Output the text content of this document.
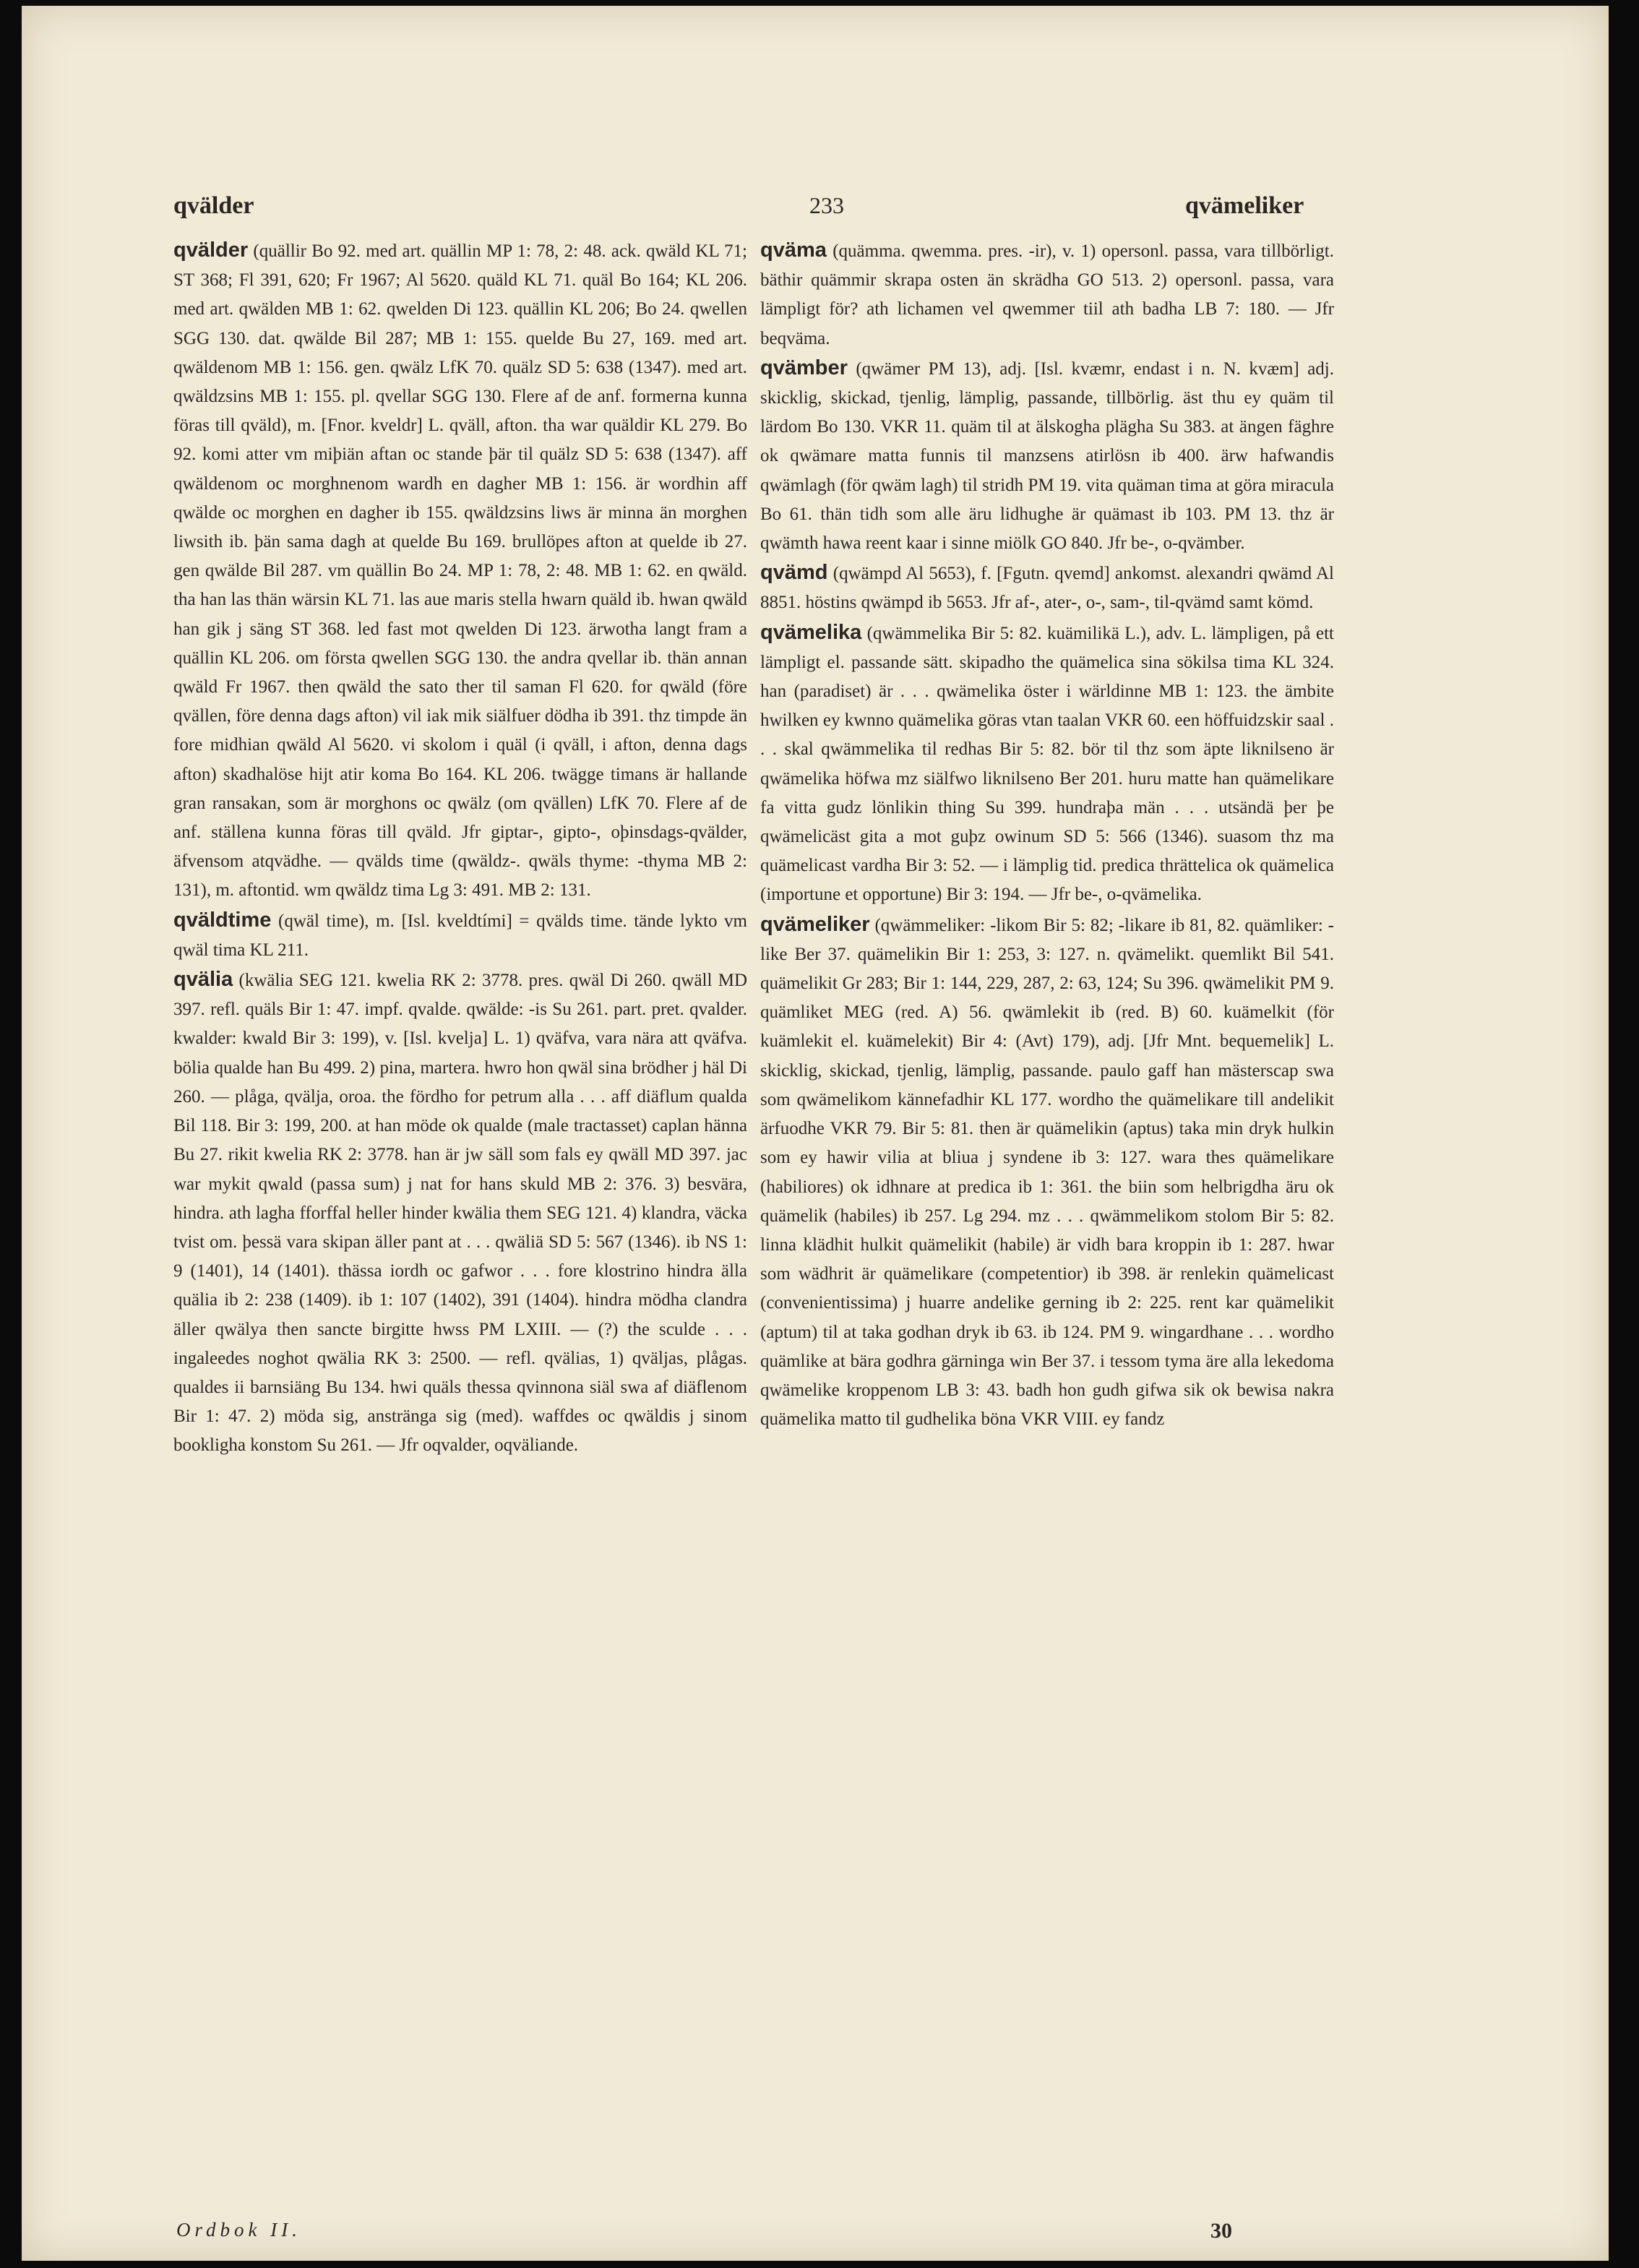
qvälder	233	qvämeliker

qvälder (quällir Bo 92. med art. quällin MP 1: 78, 2: 48. ack. qwäld KL 71; ST 368; Fl 391, 620; Fr 1967; Al 5620. quäld KL 71. quäl Bo 164; KL 206. med art. qwälden MB 1: 62. qwelden Di 123. quällin KL 206; Bo 24. qwellen SGG 130. dat. qwälde Bil 287; MB 1: 155. quelde Bu 27, 169. med art. qwäldenom MB 1: 156. gen. qwälz LfK 70. quälz SD 5: 638 (1347). med art. qwäldzsins MB 1: 155. pl. qvellar SGG 130. Flere af de anf. formerna kunna föras till qväld), m. [Fnor. kveldr] L. qväll, afton. tha war quäldir KL 279. Bo 92. komi atter vm miþiän aftan oc stande þär til quälz SD 5: 638 (1347). aff qwäldenom oc morghnenom wardh en dagher MB 1: 156. är wordhin aff qwälde oc morghen en dagher ib 155. qwäldzsins liws är minna än morghen liwsith ib. þän sama dagh at quelde Bu 169. brullöpes afton at quelde ib 27. gen qwälde Bil 287. vm quällin Bo 24. MP 1: 78, 2: 48. MB 1: 62. en qwäld. tha han las thän wärsin KL 71. las aue maris stella hwarn quäld ib. hwan qwäld han gik j säng ST 368. led fast mot qwelden Di 123. ärwotha langt fram a quällin KL 206. om första qwellen SGG 130. the andra qvellar ib. thän annan qwäld Fr 1967. then qwäld the sato ther til saman Fl 620. for qwäld (före qvällen, före denna dags afton) vil iak mik siälfuer dödha ib 391. thz timpde än fore midhian qwäld Al 5620. vi skolom i quäl (i qväll, i afton, denna dags afton) skadhalöse hijt atir koma Bo 164. KL 206. twägge timans är hallande gran ransakan, som är morghons oc qwälz (om qvällen) LfK 70. Flere af de anf. ställena kunna föras till qväld. Jfr giptar-, gipto-, oþinsdags-qvälder, äfvensom atqvädhe. — qvälds time (qwäldz-. qwäls thyme: -thyma MB 2: 131), m. aftontid. wm qwäldz tima Lg 3: 491. MB 2: 131.

qväldtime (qwäl time), m. [Isl. kveldtími] = qvälds time. tände lykto vm qwäl tima KL 211.

qvälia (kwälia SEG 121. kwelia RK 2: 3778. pres. qwäl Di 260. qwäll MD 397. refl. quäls Bir 1: 47. impf. qvalde. qwälde: -is Su 261. part. pret. qvalder. kwalder: kwald Bir 3: 199), v. [Isl. kvelja] L. 1) qväfva, vara nära att qväfva. bölia qualde han Bu 499. 2) pina, martera. hwro hon qwäl sina brödher j häl Di 260. — plåga, qvälja, oroa. the fördho for petrum alla . . . aff diäflum qualda Bil 118. Bir 3: 199, 200. at han möde ok qualde (male tractasset) caplan hänna Bu 27. rikit kwelia RK 2: 3778. han är jw säll som fals ey qwäll MD 397. jac war mykit qwald (passa sum) j nat for hans skuld MB 2: 376. 3) besvära, hindra. ath lagha fforffal heller hinder kwälia them SEG 121. 4) klandra, väcka tvist om. þessä vara skipan äller pant at . . . qwäliä SD 5: 567 (1346). ib NS 1: 9 (1401), 14 (1401). thässa iordh oc gafwor . . . fore klostrino hindra älla quälia ib 2: 238 (1409). ib 1: 107 (1402), 391 (1404). hindra mödha clandra äller qwälya then sancte birgitte hwss PM LXIII. — (?) the sculde . . . ingaleedes noghot qwälia RK 3: 2500. — refl. qvälias, 1) qväljas, plågas. qualdes ii barnsiäng Bu 134. hwi quäls thessa qvinnona siäl swa af diäflenom Bir 1: 47. 2) möda sig, anstränga sig (med). waffdes oc qwäldis j sinom bookligha konstom Su 261. — Jfr oqvalder, oqväliande.

qväma (quämma. qwemma. pres. -ir), v. 1) opersonl. passa, vara tillbörligt. bäthir quämmir skrapa osten än skrädha GO 513. 2) opersonl. passa, vara lämpligt för? ath lichamen vel qwemmer tiil ath badha LB 7: 180. — Jfr beqväma.

qvämber (qwämer PM 13), adj. [Isl. kvæmr, endast i n. N. kvæm] adj. skicklig, skickad, tjenlig, lämplig, passande, tillbörlig. äst thu ey quäm til lärdom Bo 130. VKR 11. quäm til at älskogha plägha Su 383. at ängen fäghre ok qwämare matta funnis til manzsens atirlösn ib 400. ärw hafwandis qwämlagh (för qwäm lagh) til stridh PM 19. vita quäman tima at göra miracula Bo 61. thän tidh som alle äru lidhughe är quämast ib 103. PM 13. thz är qwämth hawa reent kaar i sinne miölk GO 840. Jfr be-, o-qvämber.

qvämd (qwämpd Al 5653), f. [Fgutn. qvemd] ankomst. alexandri qwämd Al 8851. höstins qwämpd ib 5653. Jfr af-, ater-, o-, sam-, til-qvämd samt kömd.

qvämelika (qwämmelika Bir 5: 82. kuämilikä L.), adv. L. lämpligen, på ett lämpligt el. passande sätt. skipadho the quämelica sina sökilsa tima KL 324. han (paradiset) är . . . qwämelika öster i wärldinne MB 1: 123. the ämbite hwilken ey kwnno quämelika göras vtan taalan VKR 60. een höffuidzskir saal . . . skal qwämmelika til redhas Bir 5: 82. bör til thz som äpte liknilseno är qwämelika höfwa mz siälfwo liknilseno Ber 201. huru matte han quämelikare fa vitta gudz lönlikin thing Su 399. hundraþa män . . . utsändä þer þe qwämelicäst gita a mot guþz owinum SD 5: 566 (1346). suasom thz ma quämelicast vardha Bir 3: 52. — i lämplig tid. predica thrättelica ok quämelica (importune et opportune) Bir 3: 194. — Jfr be-, o-qvämelika.

qvämeliker (qwämmeliker: -likom Bir 5: 82; -likare ib 81, 82. quämliker: -like Ber 37. quämelikin Bir 1: 253, 3: 127. n. qvämelikt. quemlikt Bil 541. quämelikit Gr 283; Bir 1: 144, 229, 287, 2: 63, 124; Su 396. qwämelikit PM 9. quämliket MEG (red. A) 56. qwämlekit ib (red. B) 60. kuämelkit (för kuämlekit el. kuämelekit) Bir 4: (Avt) 179), adj. [Jfr Mnt. bequemelik] L. skicklig, skickad, tjenlig, lämplig, passande. paulo gaff han mästerscap swa som qwämelikom kännefadhir KL 177. wordho the quämelikare till andelikit ärfuodhe VKR 79. Bir 5: 81. then är quämelikin (aptus) taka min dryk hulkin som ey hawir vilia at bliua j syndene ib 3: 127. wara thes quämelikare (habiliores) ok idhnare at predica ib 1: 361. the biin som helbrigdha äru ok quämelik (habiles) ib 257. Lg 294. mz . . . qwämmelikom stolom Bir 5: 82. linna klädhit hulkit quämelikit (habile) är vidh bara kroppin ib 1: 287. hwar som wädhrit är quämelikare (competentior) ib 398. är renlekin quämelicast (convenientissima) j huarre andelike gerning ib 2: 225. rent kar quämelikit (aptum) til at taka godhan dryk ib 63. ib 124. PM 9. wingardhane . . . wordho quämlike at bära godhra gärninga win Ber 37. i tessom tyma äre alla lekedoma qwämelike kroppenom LB 3: 43. badh hon gudh gifwa sik ok bewisa nakra quämelika matto til gudhelika böna VKR VIII. ey fandz

Ordbok II.	30
